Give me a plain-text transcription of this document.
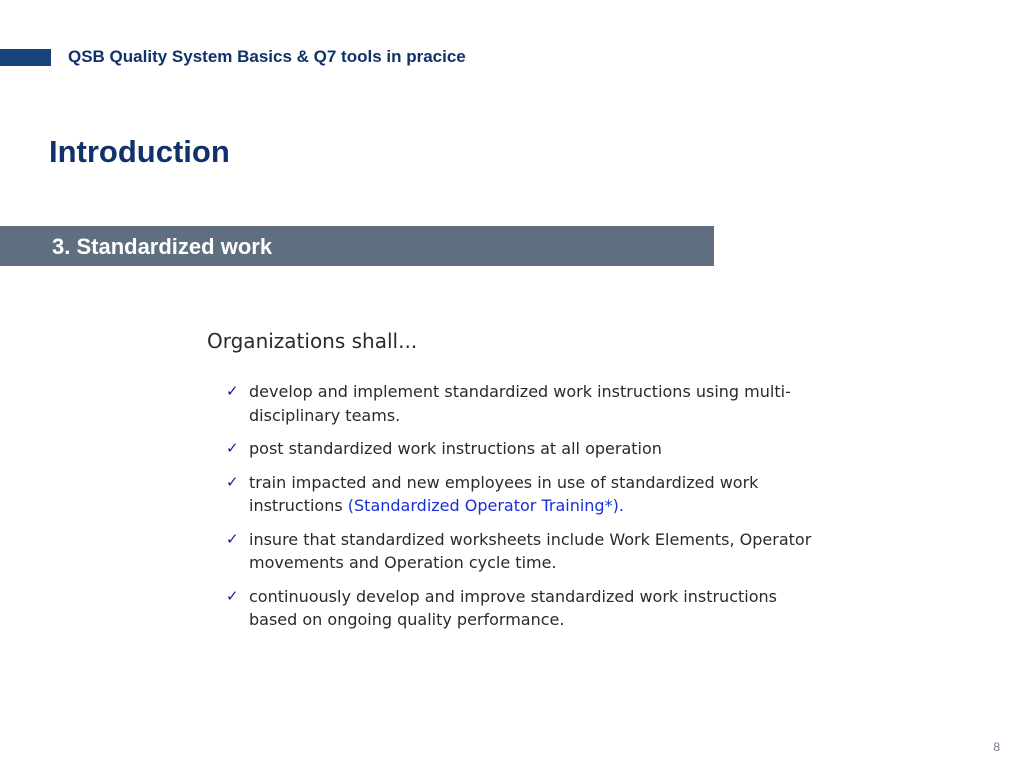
QSB Quality System Basics & Q7 tools in pracice
Introduction
3. Standardized work
Organizations shall...
✓ develop and implement standardized work instructions using multi-disciplinary teams.
✓ post standardized work instructions at all operation
✓ train impacted and new employees in use of standardized work instructions (Standardized Operator Training*).
✓ insure that standardized worksheets include Work Elements, Operator movements and Operation cycle time.
✓ continuously develop and improve standardized work instructions based on ongoing quality performance.
8
